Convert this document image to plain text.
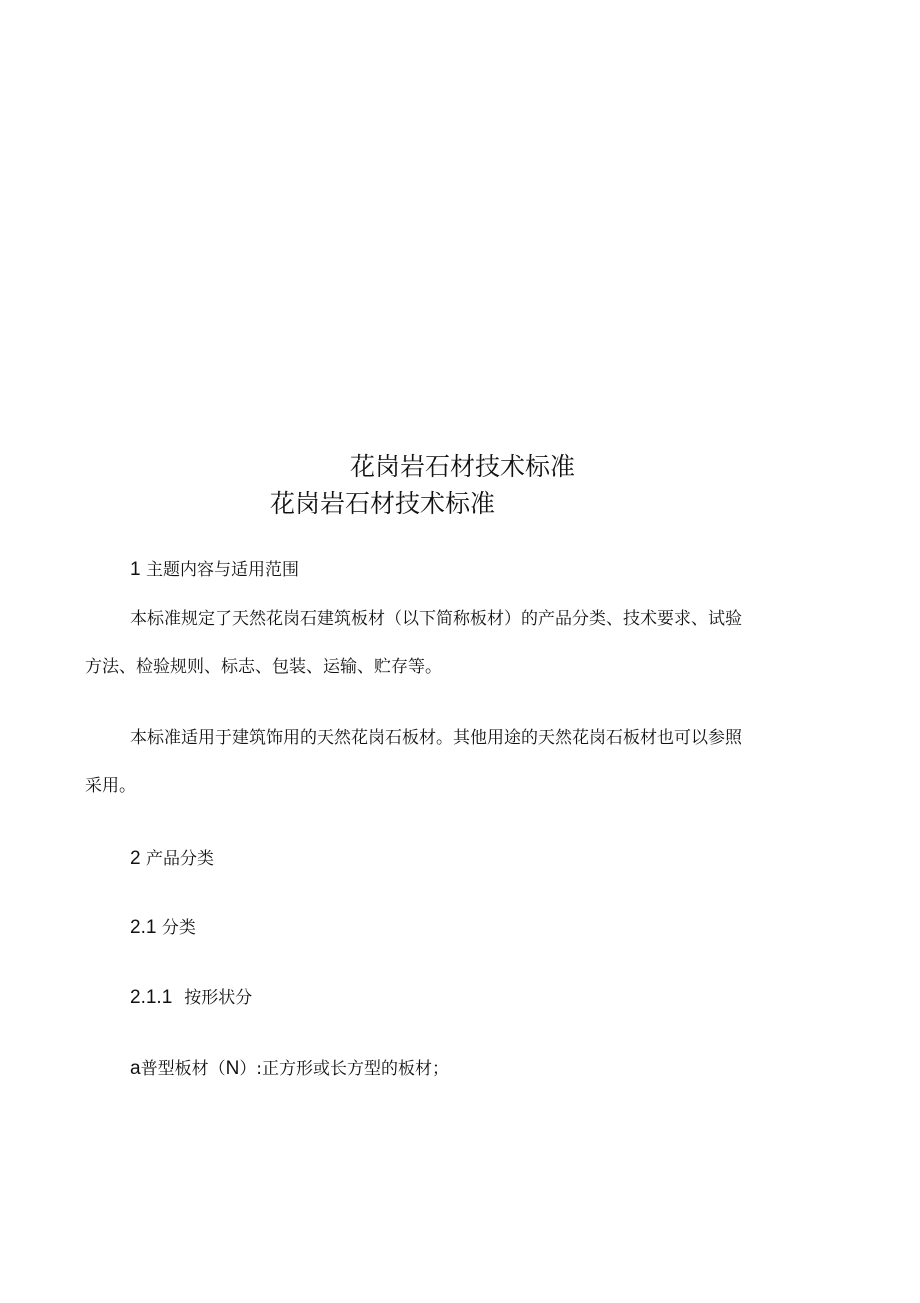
花岗岩石材技术标准
花岗岩石材技术标准
1 主题内容与适用范围
本标准规定了天然花岗石建筑板材（以下简称板材）的产品分类、技术要求、试验
方法、检验规则、标志、包装、运输、贮存等。
本标准适用于建筑饰用的天然花岗石板材。其他用途的天然花岗石板材也可以参照
采用。
2 产品分类
2.1 分类
2.1.1 按形状分
a普型板材（N）:正方形或长方型的板材；
